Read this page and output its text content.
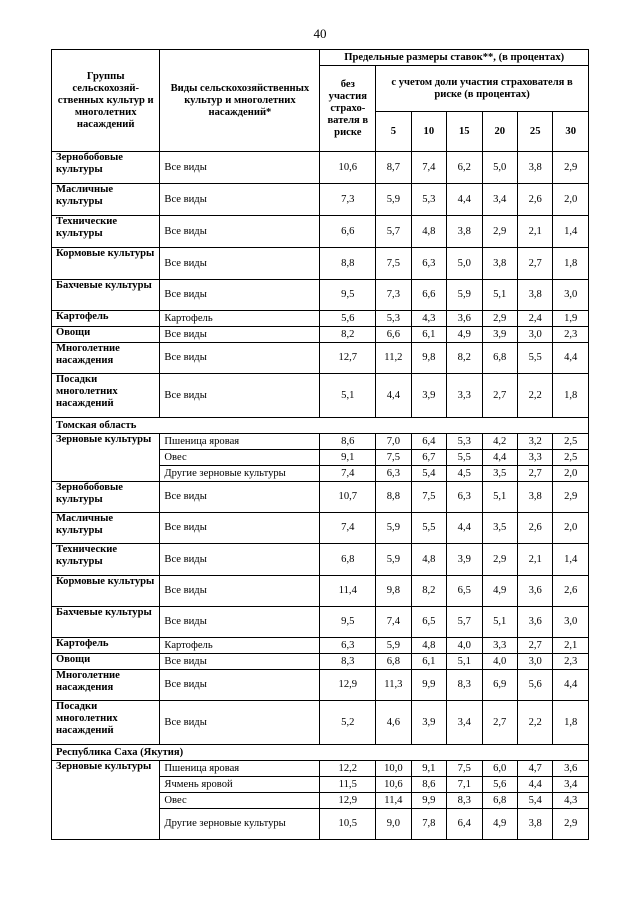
40
Группы сельскохозяй-ственных культур и многолетних насаждений	Виды сельскохозяйственных культур и многолетних насаждений*	Предельные размеры ставок**, (в процентах)						
		без участия страхо-вателя в риске	с учетом доли участия страхователя в риске (в процентах)					
			5	10	15	20	25	30
Зернобобовые культуры	Все виды	10,6	8,7	7,4	6,2	5,0	3,8	2,9
Масличные культуры	Все виды	7,3	5,9	5,3	4,4	3,4	2,6	2,0
Технические культуры	Все виды	6,6	5,7	4,8	3,8	2,9	2,1	1,4
Кормовые культуры	Все виды	8,8	7,5	6,3	5,0	3,8	2,7	1,8
Бахчевые культуры	Все виды	9,5	7,3	6,6	5,9	5,1	3,8	3,0
Картофель	Картофель	5,6	5,3	4,3	3,6	2,9	2,4	1,9
Овощи	Все виды	8,2	6,6	6,1	4,9	3,9	3,0	2,3
Многолетние насаждения	Все виды	12,7	11,2	9,8	8,2	6,8	5,5	4,4
Посадки многолетних насаждений	Все виды	5,1	4,4	3,9	3,3	2,7	2,2	1,8
Томская область								
Зерновые культуры	Пшеница яровая	8,6	7,0	6,4	5,3	4,2	3,2	2,5
	Овес	9,1	7,5	6,7	5,5	4,4	3,3	2,5
	Другие зерновые культуры	7,4	6,3	5,4	4,5	3,5	2,7	2,0
Зернобобовые культуры	Все виды	10,7	8,8	7,5	6,3	5,1	3,8	2,9
Масличные культуры	Все виды	7,4	5,9	5,5	4,4	3,5	2,6	2,0
Технические культуры	Все виды	6,8	5,9	4,8	3,9	2,9	2,1	1,4
Кормовые культуры	Все виды	11,4	9,8	8,2	6,5	4,9	3,6	2,6
Бахчевые культуры	Все виды	9,5	7,4	6,5	5,7	5,1	3,6	3,0
Картофель	Картофель	6,3	5,9	4,8	4,0	3,3	2,7	2,1
Овощи	Все виды	8,3	6,8	6,1	5,1	4,0	3,0	2,3
Многолетние насаждения	Все виды	12,9	11,3	9,9	8,3	6,9	5,6	4,4
Посадки многолетних насаждений	Все виды	5,2	4,6	3,9	3,4	2,7	2,2	1,8
Республика Саха (Якутия)								
Зерновые культуры	Пшеница яровая	12,2	10,0	9,1	7,5	6,0	4,7	3,6
	Ячмень яровой	11,5	10,6	8,6	7,1	5,6	4,4	3,4
	Овес	12,9	11,4	9,9	8,3	6,8	5,4	4,3
	Другие зерновые культуры	10,5	9,0	7,8	6,4	4,9	3,8	2,9
